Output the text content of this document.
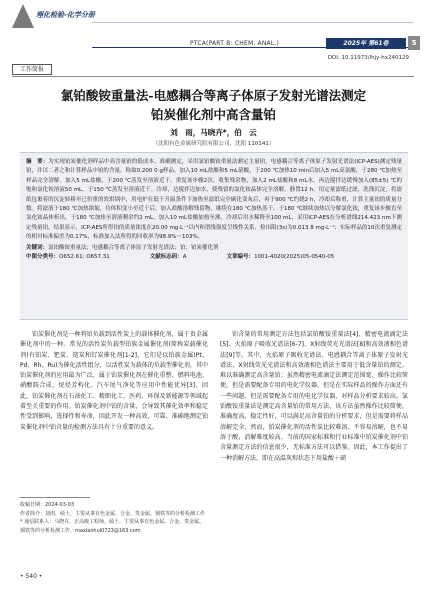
理化检验-化学分册
PTCA(PART B: CHEM. ANAL.)	2025年 第61卷	5
DOI: 10.11973/lhjy-hx240129
工作简报
氯铂酸铵重量法-电感耦合等离子体原子发射光谱法测定
铂炭催化剂中高含量铂
刘　雨，马晓卉*，伯　云
（沈阳有色金属研究院有限公司，沈阳 110141）
摘　要：为实现铂炭催化剂样品中高含量铂的低成本、准确测定，采用氯铂酸铵重量法测定主量铂，电感耦合等离子体原子发射光谱法(ICP-AES)测定残量铂，并以二者之和计算样品中铂的含量。称取0.200 0 g样品，加入10 mL盐酸和5 mL硝酸，于200 ℃加热10 min后加入5 mL高氯酸，于280 ℃加热至样品完全溶解。加入5 mL盐酸，于200 ℃蒸发至溶液近干，重复该步骤2次。收集残余物，加入2 mL盐酸和8 mL水，再边搅拌边缓慢加入(85±5) ℃的饱和氯化铵溶液50 mL，于150 ℃蒸发至溶液近干。冷却，边搅拌边加水，使残留的氯化铵晶体完全溶解，静置12 h。用定量滤纸过滤，洗涤沉淀，将滤纸包裹着的沉淀转移至已恒重的瓷坩埚中，用电炉在低于升温条件下加热至滤纸完全碳化变灰后，再于900 ℃灼烧2 h，冷却后称重，计算主量铂的质量分数。将滤液于180 ℃加热浓缩，待体积变小至近干后，加入盐酸溶解残留物，继续在180 ℃加热蒸干。于180 ℃继续加热以分解氯化铵，重复该步骤直至氯化铵晶体析出，于180 ℃加热至溶液剩余约2 mL，加入10 mL盐酸加热至沸，冷却后用水稀释至100 mL，采用ICP-AES在分析谱线214.423 nm下测定残量铂。结果显示，ICP-AES所得铂的质量浓度在20.00 mg·L⁻¹以内和谱线强度呈线性关系，检出限(3s)为0.013 8 mg·L⁻¹；实际样品的10次重复测定的相对标准偏差为0.17%，标准加入法所得的回收率为98.9%～103%。
关键词：氯铂酸铵重量法；电感耦合等离子体原子发射光谱法；铂；铂炭催化剂
中图分类号：O652.61; O657.31	文献标志码：A	文章编号：1001-4020(2025)05-0540-05

铂炭催化剂是一种将铂负载到活性炭上的载体催化剂，属于贵金属催化剂中的一种。常见的活性炭负载型铂族金属催化剂(简称炭载催化剂)有铂炭、钯炭、铑炭和钌炭催化剂[1-2]，它们是以铂族金属(Pt、Pd、Rh、Ru)为催化活性组分，以活性炭为载体的负载型催化剂，其中铂炭催化剂的应用最为广泛，属于铂炭催化剂在催化重整、燃料电池、硝酸胺合成、烷烃芳构化、汽车尾气净化等应用中性能优异[3]，因此，铂炭催化剂在石油化工、精细化工、医药、环保及新能源等领域起着至关重要的作用。铂炭催化剂中铂的含量，会导致其催化效率和稳定性受到影响，选择性和寿命，因此开发一种高效、可靠、准确地测定铂炭催化剂中铂含量的检测方法具有十分重要的意义。

铂含量的常用测定方法包括氯铂酸铵重量法[4]、精密电流滴定法[5]、火焰原子吸收光谱法[6-7]、X射线荧光光谱法[8]和高效液相色谱法[9]等。其中，火焰原子吸收光谱法、电感耦合等离子体原子发射光谱法、X射线荧光光谱法和高效液相色谱法主要用于低含量铂的测定，难以准确测定高含量铂；虽然精密电流滴定法测定范围宽、操作比较简便，但是需要配备专用的电化学仪器，但是在实际样品的操作方面还有一些问题，但是需要配备专用的电化学仪器，对样品分析要求较高。氯铂酸铵重量法是测定高含量铂的常用方法，该方法虽然操作比较简便，准确度高，稳定性好，可以满足高含量铂的分析要求，但是需要将样品溶解完全，然而，铂炭催化剂的活性炭比较难溶，不容易溶解，也不易溶于酸，消解难度较高。当前的国家标准和行业标准中铂炭催化剂中铂含量测定方法的信息很少，无标准方法可以借鉴。因此，本工作提出了一种消解方法，即在高温灰烬状态下用盐酸＋硝

收稿日期：2024-03-03
作者简介：刘雨，硕士，主要从事有色金属、合金、贵金属、钢铁等的分析检测工作
* 通信联系人：马晓卉，正高级工程师，硕士，主要从事有色金属、合金、贵金属、钢铁等的分析检测工作，maxiaohui0723@163.com
• 540 •
